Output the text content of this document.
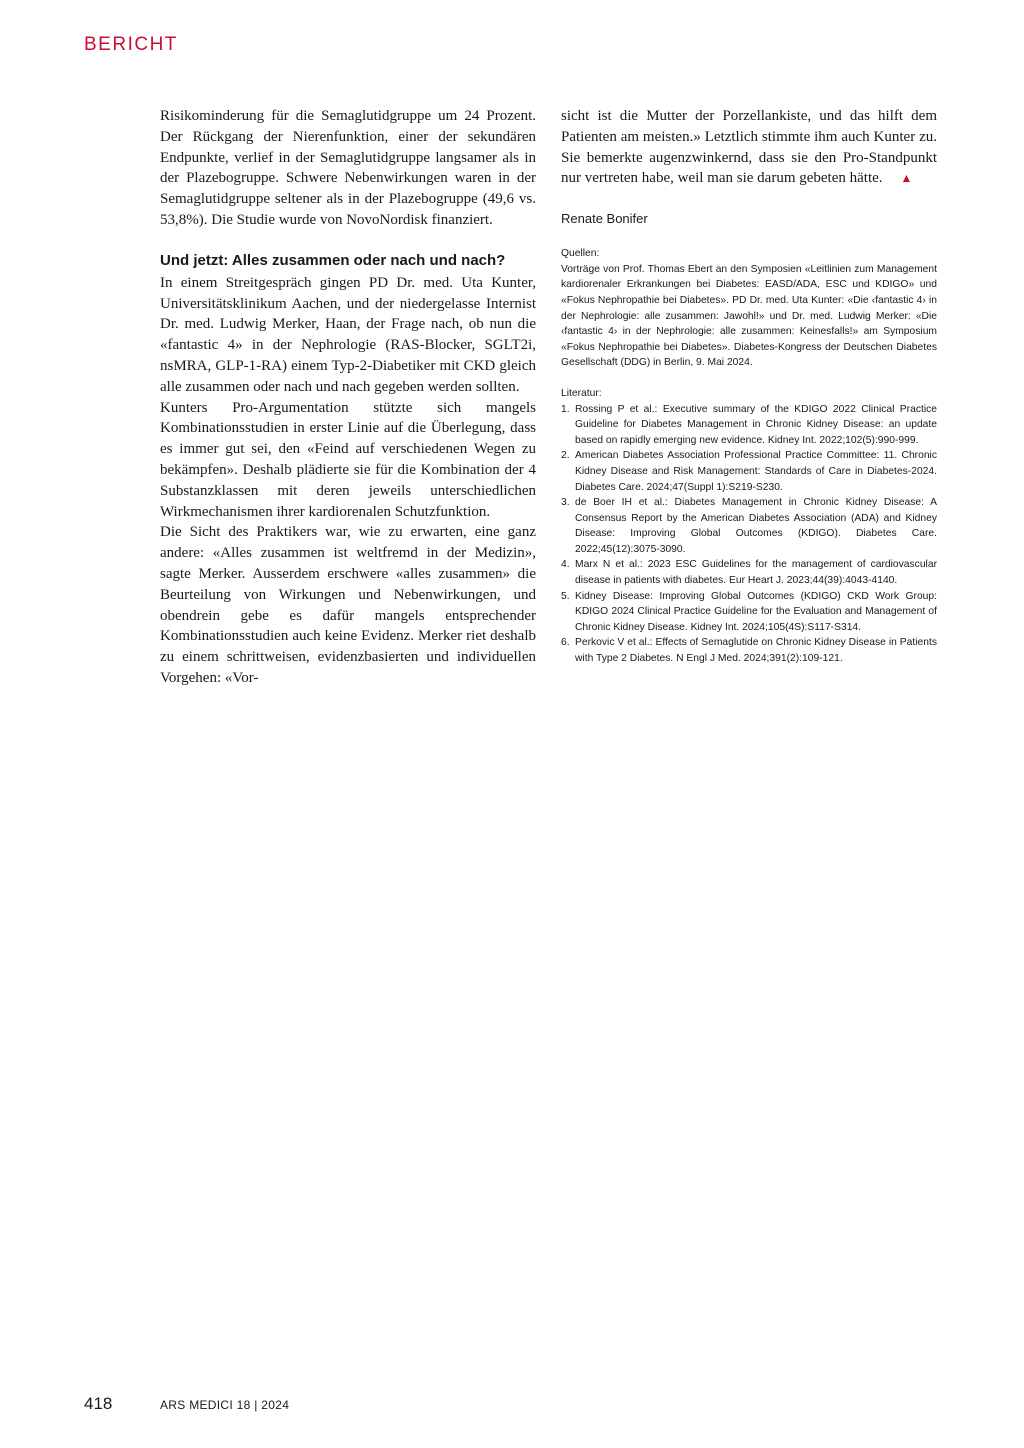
BERICHT

Risikominderung für die Semaglutidgruppe um 24 Prozent. Der Rückgang der Nierenfunktion, einer der sekundären Endpunkte, verlief in der Semaglutidgruppe langsamer als in der Plazebogruppe. Schwere Nebenwirkungen waren in der Semaglutidgruppe seltener als in der Plazebogruppe (49,6 vs. 53,8%). Die Studie wurde von NovoNordisk finanziert.

Und jetzt: Alles zusammen oder nach und nach?

In einem Streitgespräch gingen PD Dr. med. Uta Kunter, Universitätsklinikum Aachen, und der niedergelasse Internist Dr. med. Ludwig Merker, Haan, der Frage nach, ob nun die «fantastic 4» in der Nephrologie (RAS-Blocker, SGLT2i, nsMRA, GLP-1-RA) einem Typ-2-Diabetiker mit CKD gleich alle zusammen oder nach und nach gegeben werden sollten.

Kunters Pro-Argumentation stützte sich mangels Kombinationsstudien in erster Linie auf die Überlegung, dass es immer gut sei, den «Feind auf verschiedenen Wegen zu bekämpfen». Deshalb plädierte sie für die Kombination der 4 Substanzklassen mit deren jeweils unterschiedlichen Wirkmechanismen ihrer kardiorenalen Schutzfunktion.

Die Sicht des Praktikers war, wie zu erwarten, eine ganz andere: «Alles zusammen ist weltfremd in der Medizin», sagte Merker. Ausserdem erschwere «alles zusammen» die Beurteilung von Wirkungen und Nebenwirkungen, und obendrein gebe es dafür mangels entsprechender Kombinationsstudien auch keine Evidenz. Merker riet deshalb zu einem schrittweisen, evidenzbasierten und individuellen Vorgehen: «Vor-

sicht ist die Mutter der Porzellankiste, und das hilft dem Patienten am meisten.» Letztlich stimmte ihm auch Kunter zu. Sie bemerkte augenzwinkernd, dass sie den Pro-Standpunkt nur vertreten habe, weil man sie darum gebeten hätte. ▲

Renate Bonifer

Quellen:

Vorträge von Prof. Thomas Ebert an den Symposien «Leitlinien zum Management kardiorenaler Erkrankungen bei Diabetes: EASD/ADA, ESC und KDIGO» und «Fokus Nephropathie bei Diabetes». PD Dr. med. Uta Kunter: «Die ‹fantastic 4› in der Nephrologie: alle zusammen: Jawohl!» und Dr. med. Ludwig Merker: «Die ‹fantastic 4› in der Nephrologie: alle zusammen: Keinesfalls!» am Symposium «Fokus Nephropathie bei Diabetes». Diabetes-Kongress der Deutschen Diabetes Gesellschaft (DDG) in Berlin, 9. Mai 2024.

Literatur:

1. Rossing P et al.: Executive summary of the KDIGO 2022 Clinical Practice Guideline for Diabetes Management in Chronic Kidney Disease: an update based on rapidly emerging new evidence. Kidney Int. 2022;102(5):990-999.
2. American Diabetes Association Professional Practice Committee: 11. Chronic Kidney Disease and Risk Management: Standards of Care in Diabetes-2024. Diabetes Care. 2024;47(Suppl 1):S219-S230.
3. de Boer IH et al.: Diabetes Management in Chronic Kidney Disease: A Consensus Report by the American Diabetes Association (ADA) and Kidney Disease: Improving Global Outcomes (KDIGO). Diabetes Care. 2022;45(12):3075-3090.
4. Marx N et al.: 2023 ESC Guidelines for the management of cardiovascular disease in patients with diabetes. Eur Heart J. 2023;44(39):4043-4140.
5. Kidney Disease: Improving Global Outcomes (KDIGO) CKD Work Group: KDIGO 2024 Clinical Practice Guideline for the Evaluation and Management of Chronic Kidney Disease. Kidney Int. 2024;105(4S):S117-S314.
6. Perkovic V et al.: Effects of Semaglutide on Chronic Kidney Disease in Patients with Type 2 Diabetes. N Engl J Med. 2024;391(2):109-121.
418	ARS MEDICI 18 | 2024
